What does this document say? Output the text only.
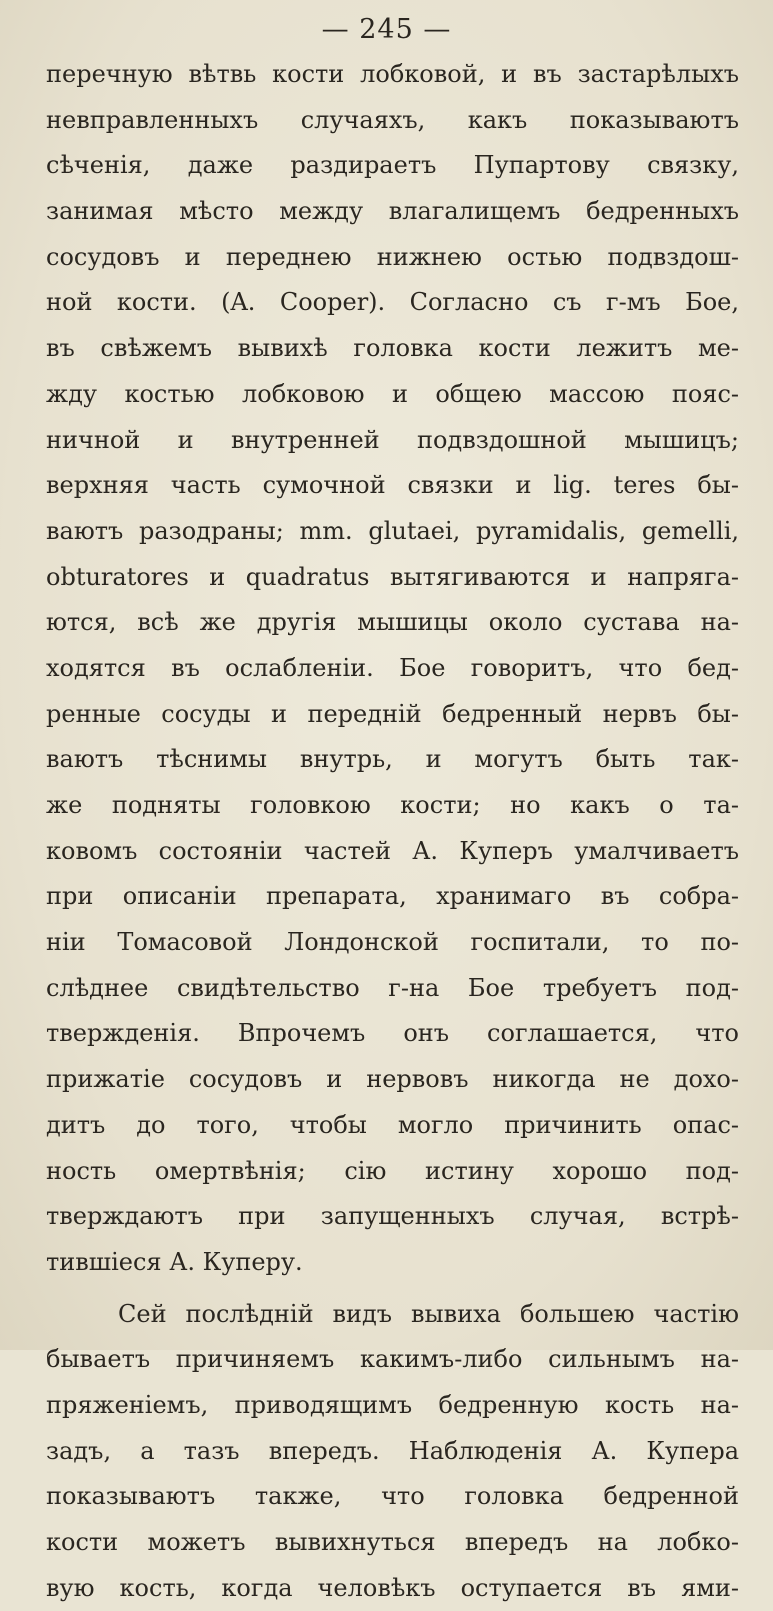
— 245 —
перечную вѣтвь кости лобковой, и въ застарѣлыхъ
невправленныхъ случаяхъ, какъ показываютъ
сѣченія, даже раздираетъ Пупартову связку,
занимая мѣсто между влагалищемъ бедренныхъ
сосудовъ и переднею нижнею остью подвздош-
ной кости. (A. Cooper). Согласно съ г-мъ Бое,
въ свѣжемъ вывихѣ головка кости лежитъ ме-
жду костью лобковою и общею массою пояс-
ничной и внутренней подвздошной мышицъ;
верхняя часть сумочной связки и lig. teres бы-
ваютъ разодраны; mm. glutaei, pyramidalis, gemelli,
obturatores и quadratus вытягиваются и напряга-
ются, всѣ же другія мышицы около сустава на-
ходятся въ ослабленіи. Бое говоритъ, что бед-
ренные сосуды и передній бедренный нервъ бы-
ваютъ тѣснимы внутрь, и могутъ быть так-
же подняты головкою кости; но какъ о та-
ковомъ состояніи частей А. Куперъ умалчиваетъ
при описаніи препарата, хранимаго въ собра-
ніи Томасовой Лондонской госпитали, то по-
слѣднее свидѣтельство г-на Бое требуетъ под-
твержденія. Впрочемъ онъ соглашается, что
прижатіе сосудовъ и нервовъ никогда не дохо-
дитъ до того, чтобы могло причинить опас-
ность омертвѣнія; сію истину хорошо под-
тверждаютъ при запущенныхъ случая, встрѣ-
тившіеся А. Куперу.
Сей послѣдній видъ вывиха большею частію
бываетъ причиняемъ какимъ-либо сильнымъ на-
пряженіемъ, приводящимъ бедренную кость на-
задъ, а тазъ впередъ. Наблюденія А. Купера
показываютъ также, что головка бедренной
кости можетъ вывихнуться впередъ на лобко-
вую кость, когда человѣкъ оступается въ ями-
